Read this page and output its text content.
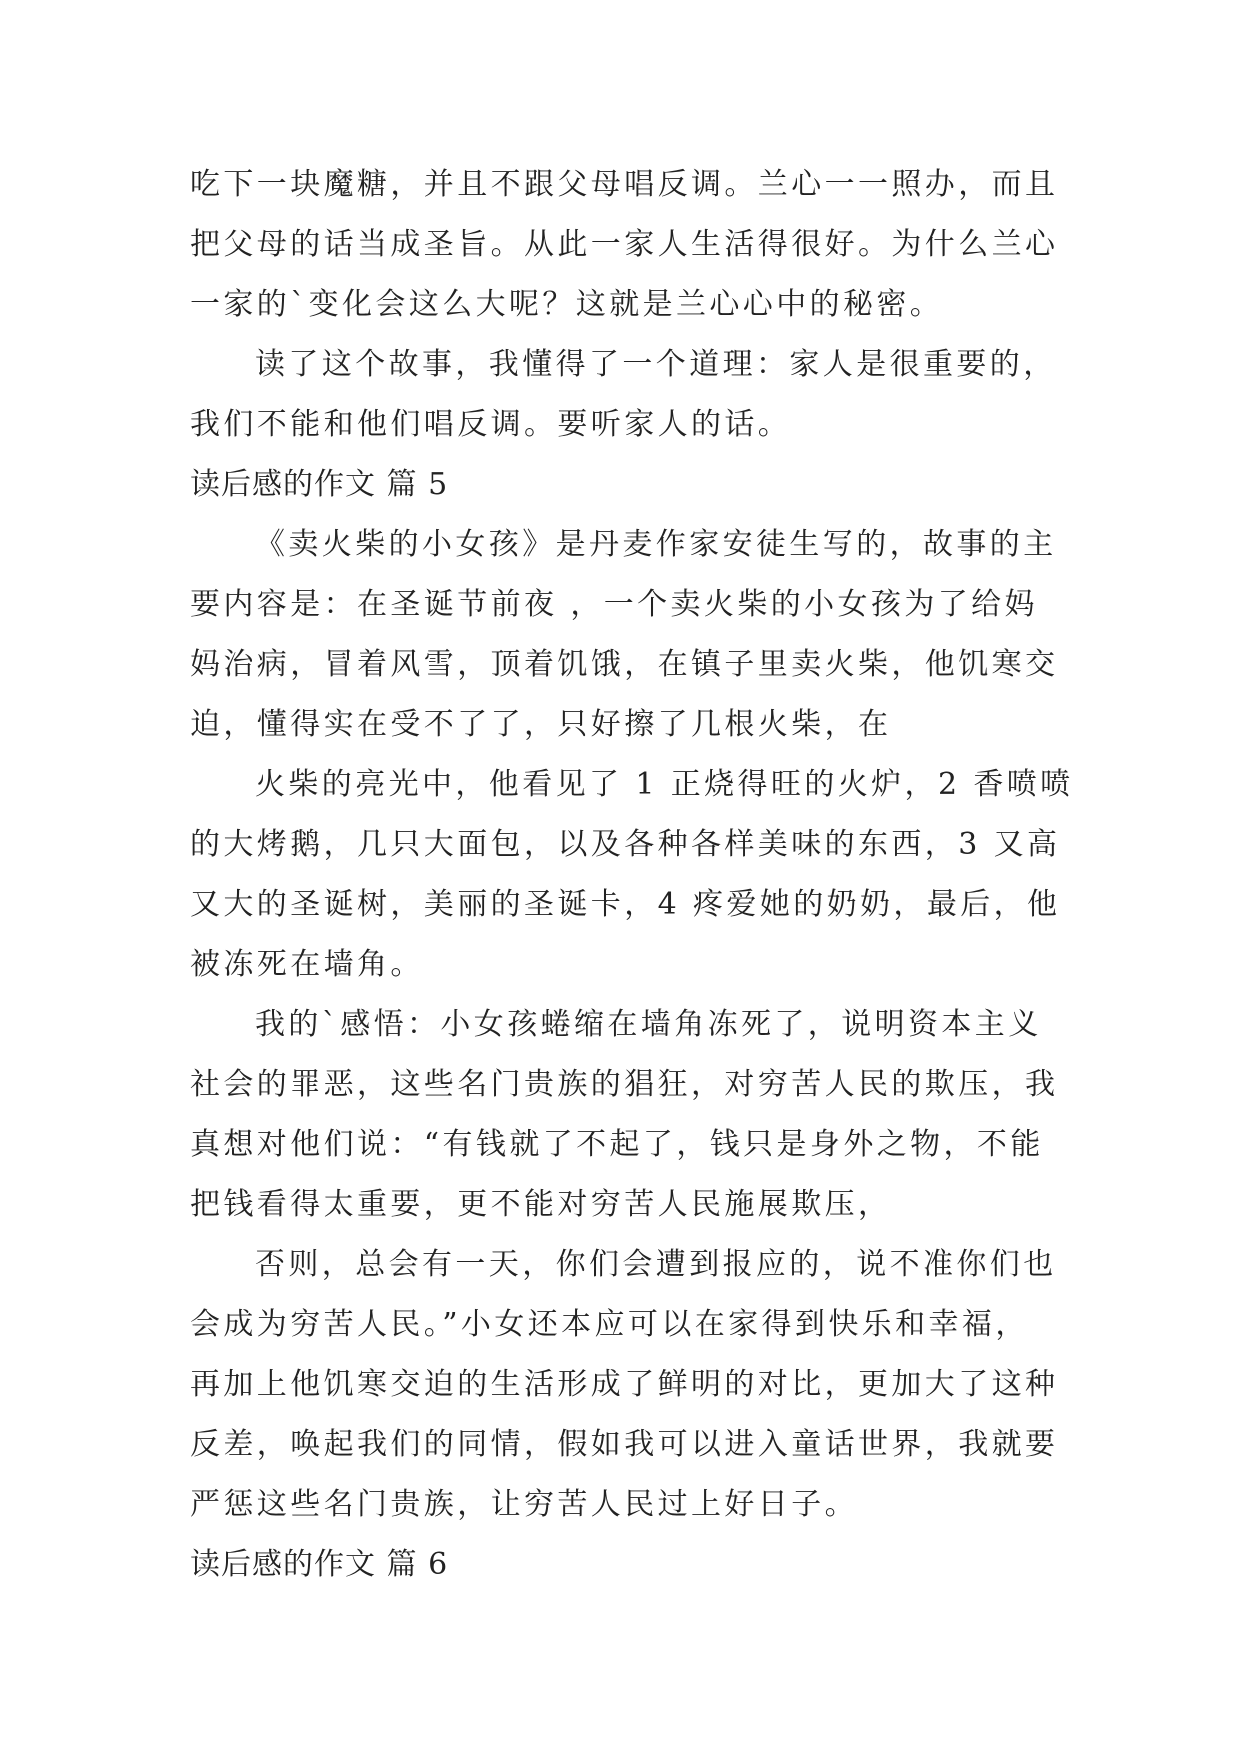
吃下一块魔糖，并且不跟父母唱反调。兰心一一照办，而且
把父母的话当成圣旨。从此一家人生活得很好。为什么兰心
一家的`变化会这么大呢？这就是兰心心中的秘密。
读了这个故事，我懂得了一个道理：家人是很重要的，
我们不能和他们唱反调。要听家人的话。
读后感的作文 篇 5
《卖火柴的小女孩》是丹麦作家安徒生写的，故事的主
要内容是：在圣诞节前夜 ，一个卖火柴的小女孩为了给妈
妈治病，冒着风雪，顶着饥饿，在镇子里卖火柴，他饥寒交
迫，懂得实在受不了了，只好擦了几根火柴，在
火柴的亮光中，他看见了 1 正烧得旺的火炉，2 香喷喷
的大烤鹅，几只大面包，以及各种各样美味的东西，3 又高
又大的圣诞树，美丽的圣诞卡，4 疼爱她的奶奶，最后，他
被冻死在墙角。
我的`感悟：小女孩蜷缩在墙角冻死了，说明资本主义
社会的罪恶，这些名门贵族的猖狂，对穷苦人民的欺压，我
真想对他们说：“有钱就了不起了，钱只是身外之物，不能
把钱看得太重要，更不能对穷苦人民施展欺压，
否则，总会有一天，你们会遭到报应的，说不准你们也
会成为穷苦人民。”小女还本应可以在家得到快乐和幸福，
再加上他饥寒交迫的生活形成了鲜明的对比，更加大了这种
反差，唤起我们的同情，假如我可以进入童话世界，我就要
严惩这些名门贵族，让穷苦人民过上好日子。
读后感的作文 篇 6
